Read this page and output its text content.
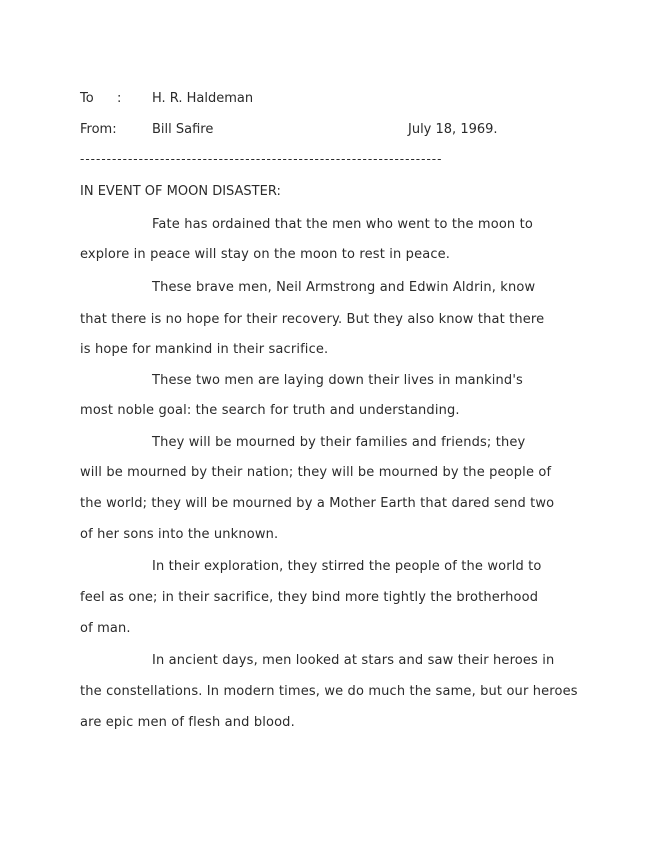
To : H. R. Haldeman
From:	Bill Safire	July 18, 1969.
--------------------------------------------------------------------
IN EVENT OF MOON DISASTER:
Fate has ordained that the men who went to the moon to
explore in peace will stay on the moon to rest in peace.
These brave men, Neil Armstrong and Edwin Aldrin, know
that there is no hope for their recovery. But they also know that there
is hope for mankind in their sacrifice.
These two men are laying down their lives in mankind's
most noble goal: the search for truth and understanding.
They will be mourned by their families and friends; they
will be mourned by their nation; they will be mourned by the people of
the world; they will be mourned by a Mother Earth that dared send two
of her sons into the unknown.
In their exploration, they stirred the people of the world to
feel as one; in their sacrifice, they bind more tightly the brotherhood
of man.
In ancient days, men looked at stars and saw their heroes in
the constellations. In modern times, we do much the same, but our heroes
are epic men of flesh and blood.
